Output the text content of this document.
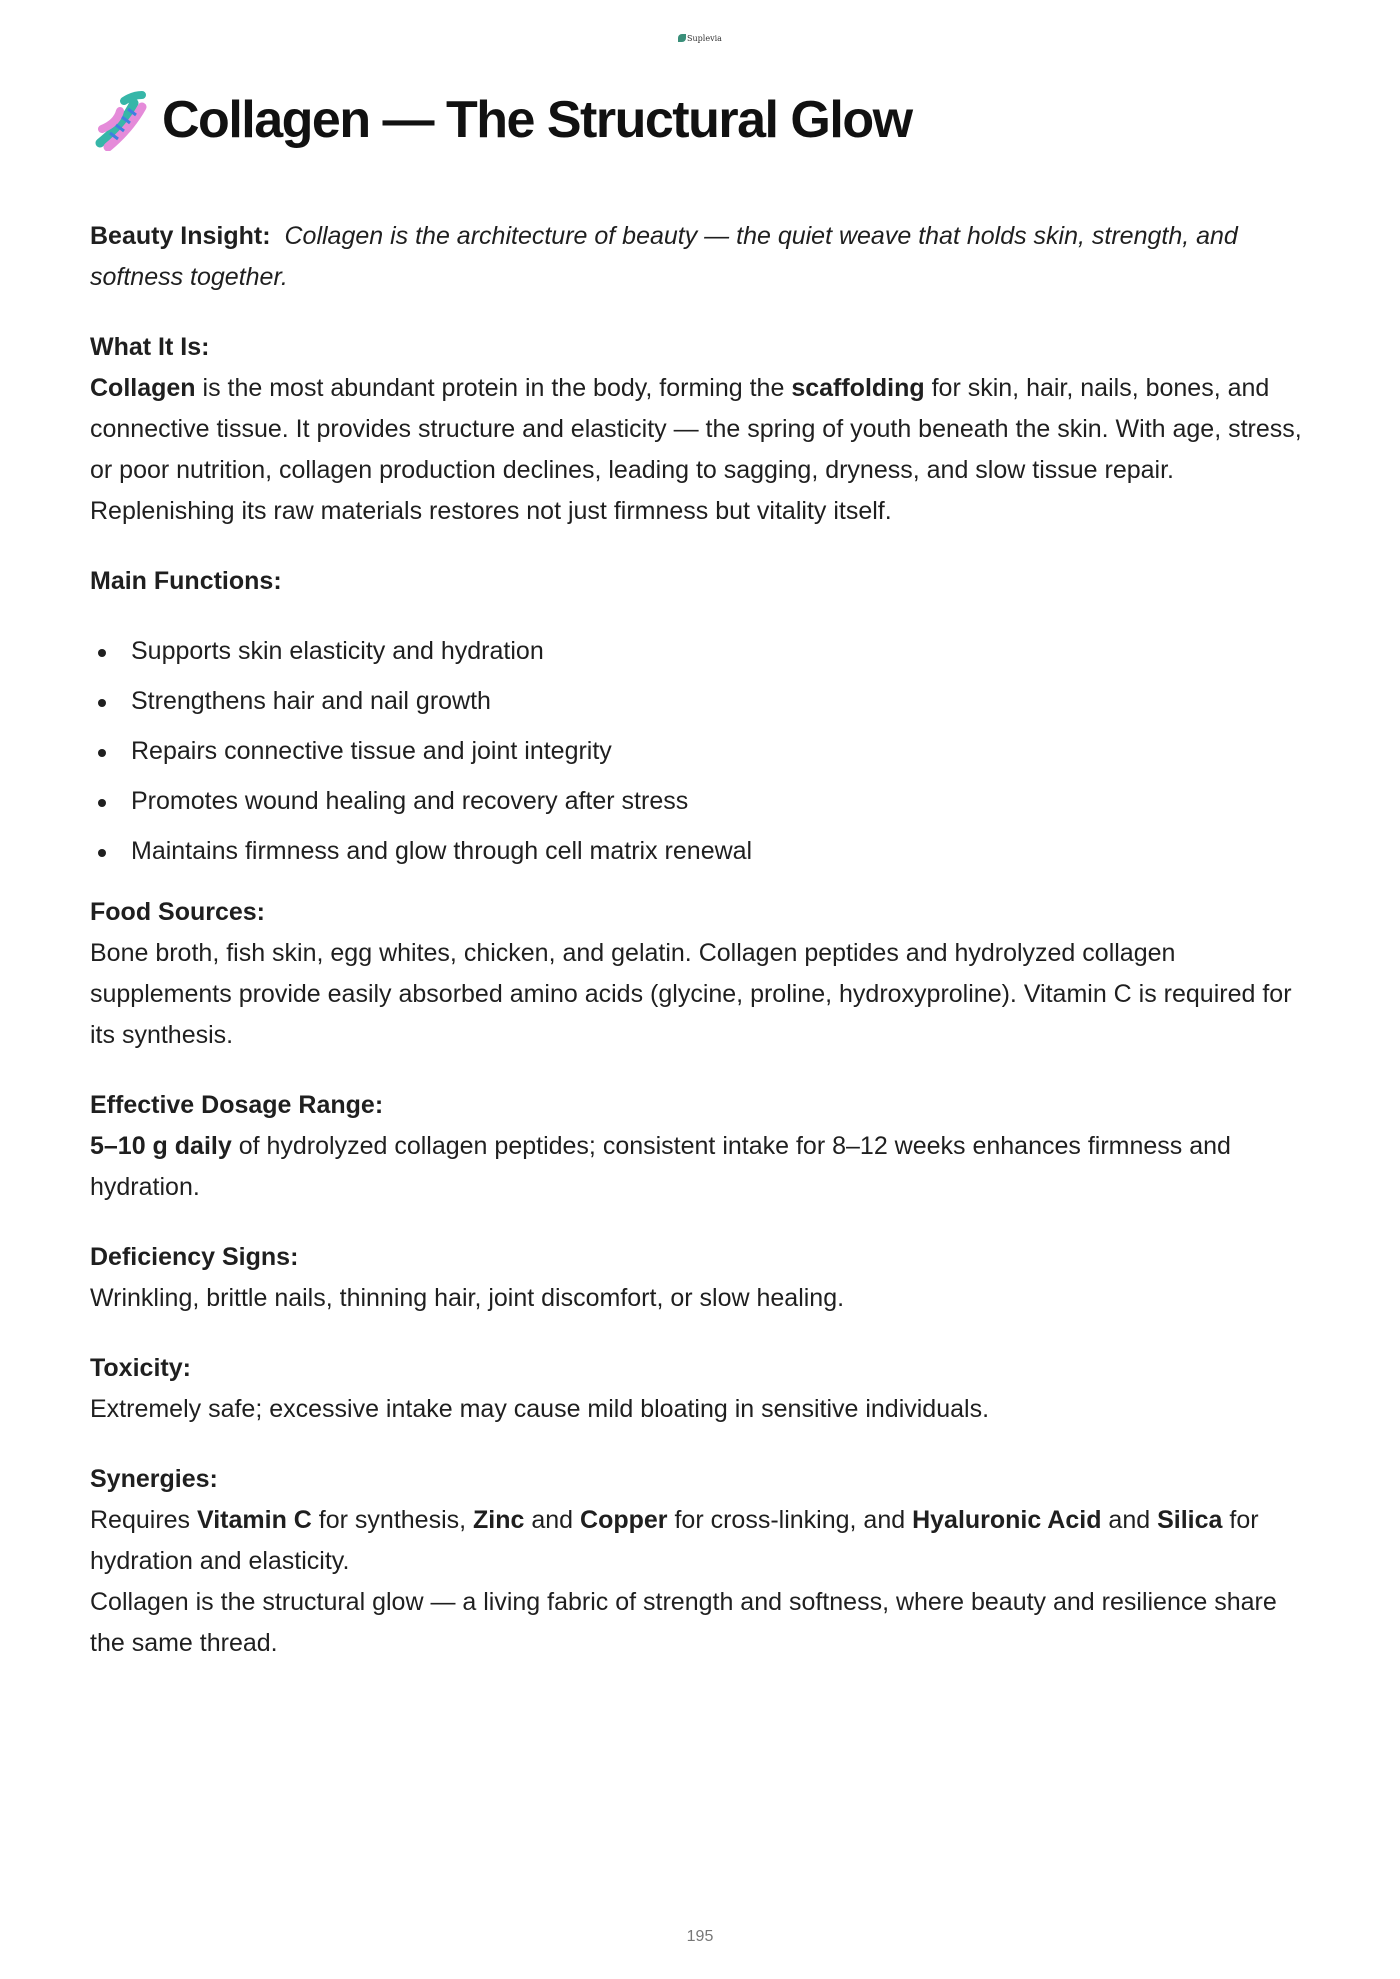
Suplevia
Collagen — The Structural Glow

Beauty Insight: Collagen is the architecture of beauty — the quiet weave that holds skin, strength, and softness together.

What It Is:
Collagen is the most abundant protein in the body, forming the scaffolding for skin, hair, nails, bones, and connective tissue. It provides structure and elasticity — the spring of youth beneath the skin. With age, stress, or poor nutrition, collagen production declines, leading to sagging, dryness, and slow tissue repair. Replenishing its raw materials restores not just firmness but vitality itself.

Main Functions:
Supports skin elasticity and hydration
Strengthens hair and nail growth
Repairs connective tissue and joint integrity
Promotes wound healing and recovery after stress
Maintains firmness and glow through cell matrix renewal

Food Sources:
Bone broth, fish skin, egg whites, chicken, and gelatin. Collagen peptides and hydrolyzed collagen supplements provide easily absorbed amino acids (glycine, proline, hydroxyproline). Vitamin C is required for its synthesis.

Effective Dosage Range:
5–10 g daily of hydrolyzed collagen peptides; consistent intake for 8–12 weeks enhances firmness and hydration.

Deficiency Signs:
Wrinkling, brittle nails, thinning hair, joint discomfort, or slow healing.

Toxicity:
Extremely safe; excessive intake may cause mild bloating in sensitive individuals.

Synergies:
Requires Vitamin C for synthesis, Zinc and Copper for cross-linking, and Hyaluronic Acid and Silica for hydration and elasticity.

Collagen is the structural glow — a living fabric of strength and softness, where beauty and resilience share the same thread.

195
